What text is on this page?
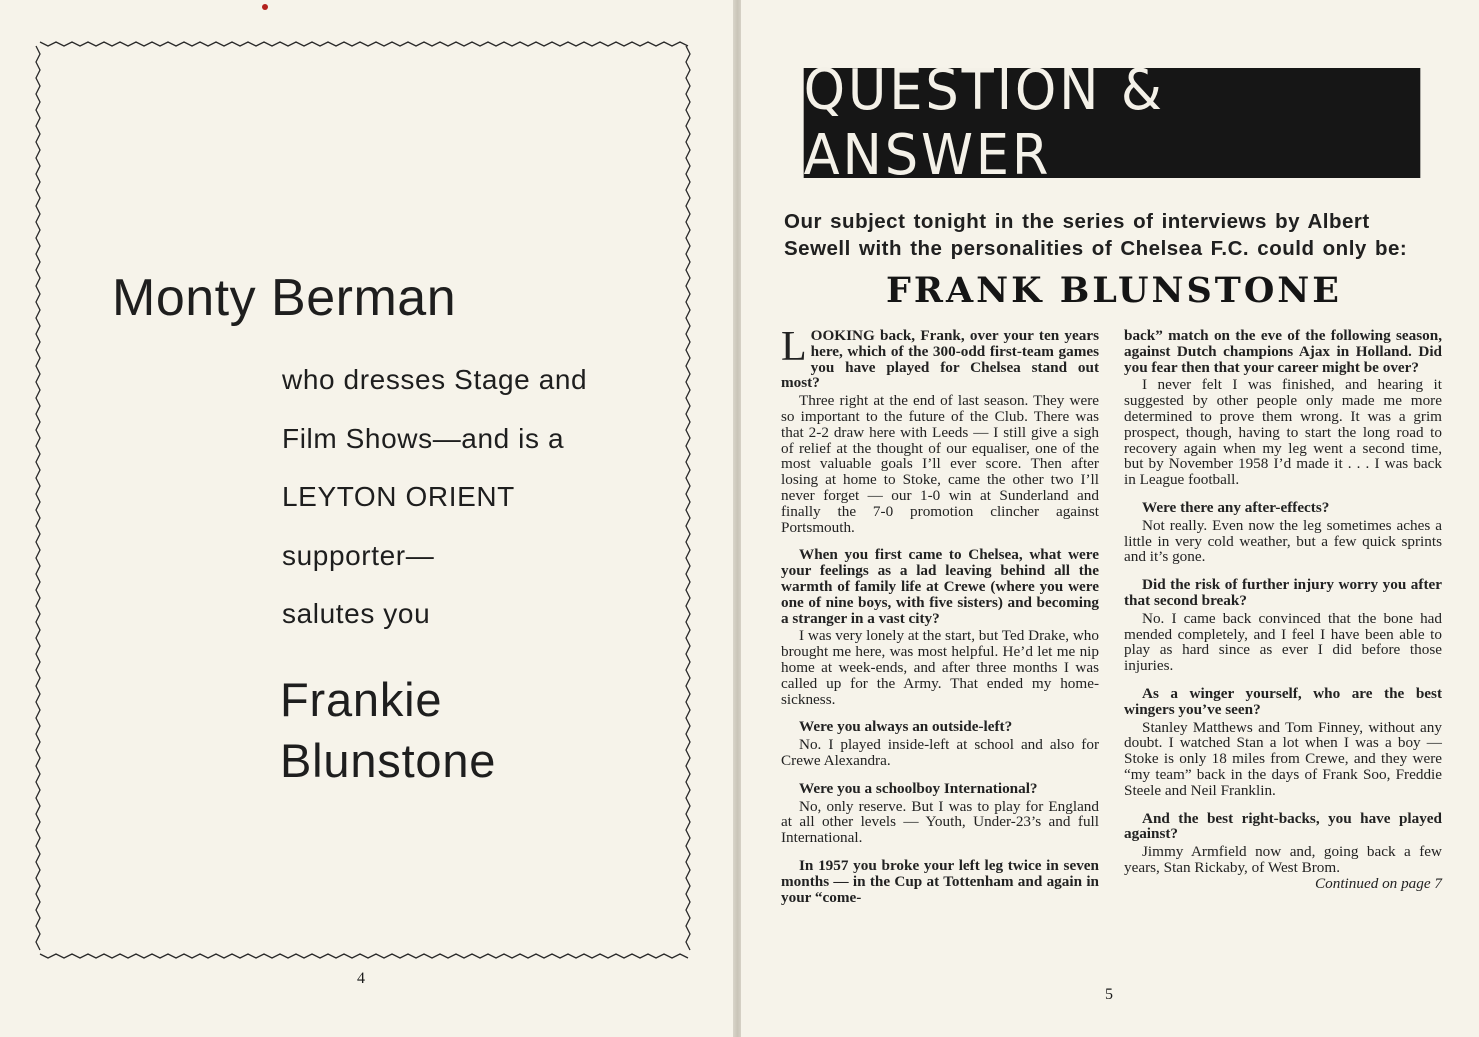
Monty Berman
who dresses Stage and
Film Shows—and is a
LEYTON ORIENT
supporter—
salutes you
Frankie
Blunstone
4
QUESTION & ANSWER
Our subject tonight in the series of interviews by Albert Sewell with the personalities of Chelsea F.C. could only be:
FRANK BLUNSTONE

LOOKING back, Frank, over your ten years here, which of the 300-odd first-team games you have played for Chelsea stand out most?

Three right at the end of last season. They were so important to the future of the Club. There was that 2-2 draw here with Leeds — I still give a sigh of relief at the thought of our equaliser, one of the most valuable goals I’ll ever score. Then after losing at home to Stoke, came the other two I’ll never forget — our 1-0 win at Sunderland and finally the 7-0 promotion clincher against Portsmouth.

When you first came to Chelsea, what were your feelings as a lad leaving behind all the warmth of family life at Crewe (where you were one of nine boys, with five sisters) and becoming a stranger in a vast city?

I was very lonely at the start, but Ted Drake, who brought me here, was most helpful. He’d let me nip home at week-ends, and after three months I was called up for the Army. That ended my home-sickness.

Were you always an outside-left?

No. I played inside-left at school and also for Crewe Alexandra.

Were you a schoolboy International?

No, only reserve. But I was to play for England at all other levels — Youth, Under-23’s and full International.

In 1957 you broke your left leg twice in seven months — in the Cup at Tottenham and again in your “come-

back” match on the eve of the following season, against Dutch champions Ajax in Holland. Did you fear then that your career might be over?

I never felt I was finished, and hearing it suggested by other people only made me more determined to prove them wrong. It was a grim prospect, though, having to start the long road to recovery again when my leg went a second time, but by November 1958 I’d made it . . . I was back in League football.

Were there any after-effects?

Not really. Even now the leg sometimes aches a little in very cold weather, but a few quick sprints and it’s gone.

Did the risk of further injury worry you after that second break?

No. I came back convinced that the bone had mended completely, and I feel I have been able to play as hard since as ever I did before those injuries.

As a winger yourself, who are the best wingers you’ve seen?

Stanley Matthews and Tom Finney, without any doubt. I watched Stan a lot when I was a boy — Stoke is only 18 miles from Crewe, and they were “my team” back in the days of Frank Soo, Freddie Steele and Neil Franklin.

And the best right-backs, you have played against?

Jimmy Armfield now and, going back a few years, Stan Rickaby, of West Brom.

Continued on page 7

5
